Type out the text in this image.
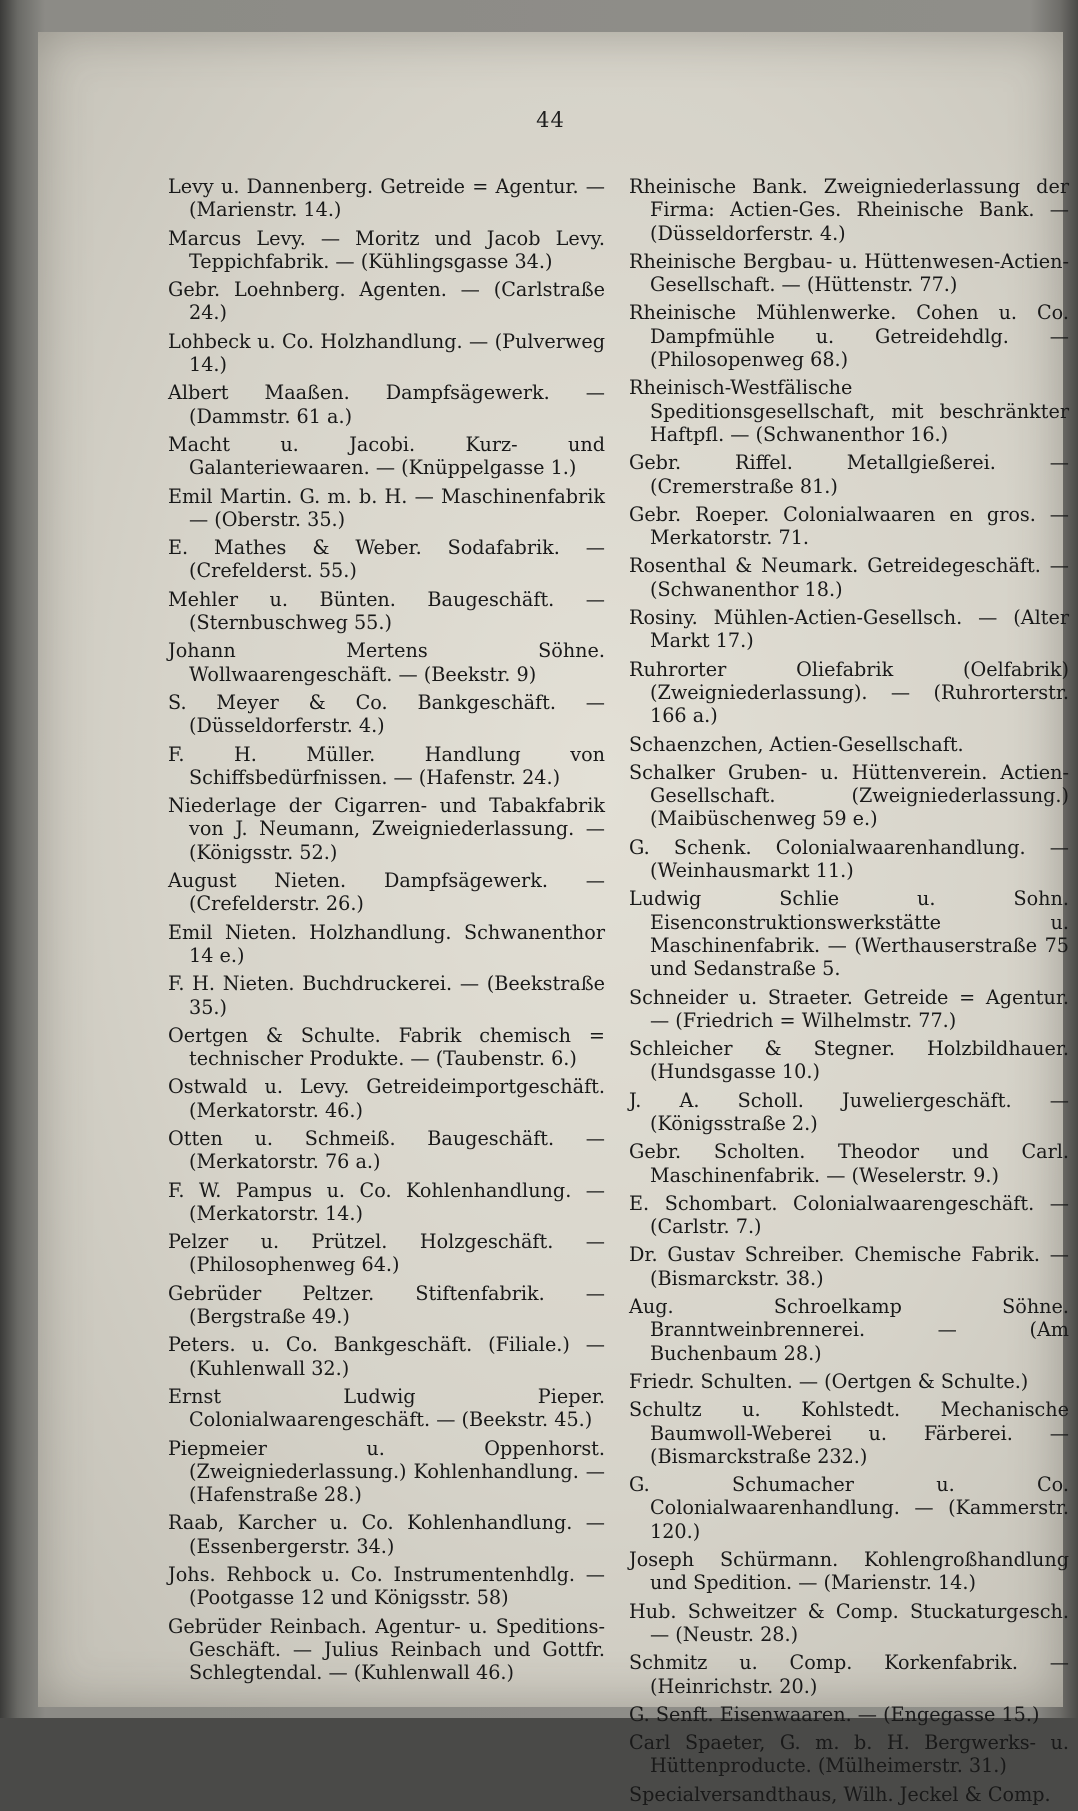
44
Levy u. Dannenberg. Getreide = Agentur. — (Marienstr. 14.)
Marcus Levy. — Moritz und Jacob Levy. Teppichfabrik. — (Kühlingsgasse 34.)
Gebr. Loehnberg. Agenten. — (Carlstraße 24.)
Lohbeck u. Co. Holzhandlung. — (Pulverweg 14.)
Albert Maaßen. Dampfsägewerk. — (Dammstr. 61 a.)
Macht u. Jacobi. Kurz- und Galanteriewaaren. — (Knüppelgasse 1.)
Emil Martin. G. m. b. H. — Maschinenfabrik — (Oberstr. 35.)
E. Mathes & Weber. Sodafabrik. — (Crefelderst. 55.)
Mehler u. Bünten. Baugeschäft. — (Sternbuschweg 55.)
Johann Mertens Söhne. Wollwaarengeschäft. — (Beekstr. 9)
S. Meyer & Co. Bankgeschäft. — (Düsseldorferstr. 4.)
F. H. Müller. Handlung von Schiffsbedürfnissen. — (Hafenstr. 24.)
Niederlage der Cigarren- und Tabakfabrik von J. Neumann, Zweigniederlassung. — (Königsstr. 52.)
August Nieten. Dampfsägewerk. — (Crefelderstr. 26.)
Emil Nieten. Holzhandlung. Schwanenthor 14 e.)
F. H. Nieten. Buchdruckerei. — (Beekstraße 35.)
Oertgen & Schulte. Fabrik chemisch = technischer Produkte. — (Taubenstr. 6.)
Ostwald u. Levy. Getreideimportgeschäft. (Merkatorstr. 46.)
Otten u. Schmeiß. Baugeschäft. — (Merkatorstr. 76 a.)
F. W. Pampus u. Co. Kohlenhandlung. — (Merkatorstr. 14.)
Pelzer u. Prützel. Holzgeschäft. — (Philosophenweg 64.)
Gebrüder Peltzer. Stiftenfabrik. — (Bergstraße 49.)
Peters. u. Co. Bankgeschäft. (Filiale.) — (Kuhlenwall 32.)
Ernst Ludwig Pieper. Colonialwaarengeschäft. — (Beekstr. 45.)
Piepmeier u. Oppenhorst. (Zweigniederlassung.) Kohlenhandlung. — (Hafenstraße 28.)
Raab, Karcher u. Co. Kohlenhandlung. — (Essenbergerstr. 34.)
Johs. Rehbock u. Co. Instrumentenhdlg. — (Pootgasse 12 und Königsstr. 58)
Gebrüder Reinbach. Agentur- u. Speditions-Geschäft. — Julius Reinbach und Gottfr. Schlegtendal. — (Kuhlenwall 46.)
Rheinische Bank. Zweigniederlassung der Firma: Actien-Ges. Rheinische Bank. — (Düsseldorferstr. 4.)
Rheinische Bergbau- u. Hüttenwesen-Actien-Gesellschaft. — (Hüttenstr. 77.)
Rheinische Mühlenwerke. Cohen u. Co. Dampfmühle u. Getreidehdlg. — (Philosopenweg 68.)
Rheinisch-Westfälische Speditionsgesellschaft, mit beschränkter Haftpfl. — (Schwanenthor 16.)
Gebr. Riffel. Metallgießerei. — (Cremerstraße 81.)
Gebr. Roeper. Colonialwaaren en gros. — Merkatorstr. 71.
Rosenthal & Neumark. Getreidegeschäft. — (Schwanenthor 18.)
Rosiny. Mühlen-Actien-Gesellsch. — (Alter Markt 17.)
Ruhrorter Oliefabrik (Oelfabrik) (Zweigniederlassung). — (Ruhrorterstr. 166 a.)
Schaenzchen, Actien-Gesellschaft.
Schalker Gruben- u. Hüttenverein. Actien-Gesellschaft. (Zweigniederlassung.) (Maibüschenweg 59 e.)
G. Schenk. Colonialwaarenhandlung. — (Weinhausmarkt 11.)
Ludwig Schlie u. Sohn. Eisenconstruktionswerkstätte u. Maschinenfabrik. — (Werthauserstraße 75 und Sedanstraße 5.
Schneider u. Straeter. Getreide = Agentur. — (Friedrich = Wilhelmstr. 77.)
Schleicher & Stegner. Holzbildhauer. (Hundsgasse 10.)
J. A. Scholl. Juweliergeschäft. — (Königsstraße 2.)
Gebr. Scholten. Theodor und Carl. Maschinenfabrik. — (Weselerstr. 9.)
E. Schombart. Colonialwaarengeschäft. — (Carlstr. 7.)
Dr. Gustav Schreiber. Chemische Fabrik. — (Bismarckstr. 38.)
Aug. Schroelkamp Söhne. Branntweinbrennerei. — (Am Buchenbaum 28.)
Friedr. Schulten. — (Oertgen & Schulte.)
Schultz u. Kohlstedt. Mechanische Baumwoll-Weberei u. Färberei. — (Bismarckstraße 232.)
G. Schumacher u. Co. Colonialwaarenhandlung. — (Kammerstr. 120.)
Joseph Schürmann. Kohlengroßhandlung und Spedition. — (Marienstr. 14.)
Hub. Schweitzer & Comp. Stuckaturgesch. — (Neustr. 28.)
Schmitz u. Comp. Korkenfabrik. — (Heinrichstr. 20.)
G. Senft. Eisenwaaren. — (Engegasse 15.)
Carl Spaeter, G. m. b. H. Bergwerks- u. Hüttenproducte. (Mülheimerstr. 31.)
Specialversandthaus, Wilh. Jeckel & Comp.
